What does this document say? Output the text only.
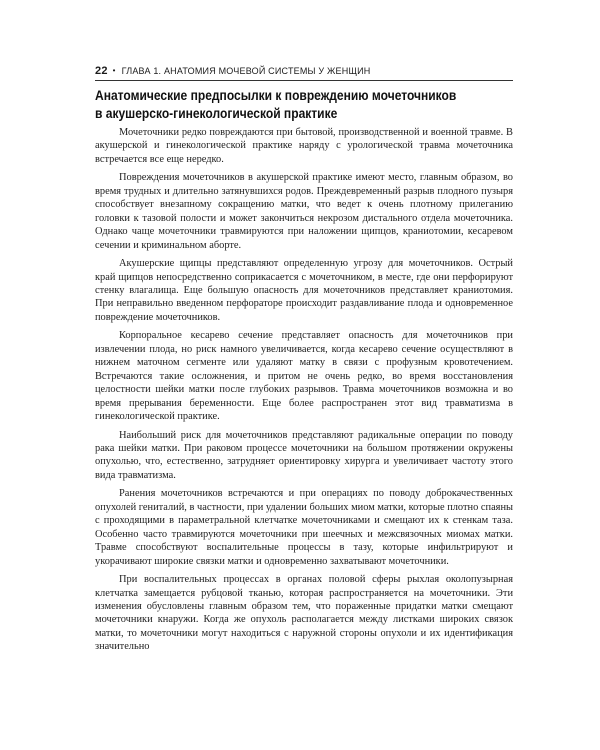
22 • ГЛАВА 1. АНАТОМИЯ МОЧЕВОЙ СИСТЕМЫ У ЖЕНЩИН
Анатомические предпосылки к повреждению мочеточников
в акушерско-гинекологической практике

Мочеточники редко повреждаются при бытовой, производственной и военной травме. В акушерской и гинекологической практике наряду с урологической травма мочеточника встречается все еще нередко.

Повреждения мочеточников в акушерской практике имеют место, главным образом, во время трудных и длительно затянувшихся родов. Преждевременный разрыв плодного пузыря способствует внезапному сокращению матки, что ведет к очень плотному прилеганию головки к тазовой полости и может закончиться некрозом дистального отдела мочеточника. Однако чаще мочеточники травмируются при наложении щипцов, краниотомии, кесаревом сечении и криминальном аборте.

Акушерские щипцы представляют определенную угрозу для мочеточников. Острый край щипцов непосредственно соприкасается с мочеточником, в месте, где они перфорируют стенку влагалища. Еще большую опасность для мочеточников представляет краниотомия. При неправильно введенном перфораторе происходит раздавливание плода и одновременное повреждение мочеточников.

Корпоральное кесарево сечение представляет опасность для мочеточников при извлечении плода, но риск намного увеличивается, когда кесарево сечение осуществляют в нижнем маточном сегменте или удаляют матку в связи с профузным кровотечением. Встречаются такие осложнения, и притом не очень редко, во время восстановления целостности шейки матки после глубоких разрывов. Травма мочеточников возможна и во время прерывания беременности. Еще более распространен этот вид травматизма в гинекологической практике.

Наибольший риск для мочеточников представляют радикальные операции по поводу рака шейки матки. При раковом процессе мочеточники на большом протяжении окружены опухолью, что, естественно, затрудняет ориентировку хирурга и увеличивает частоту этого вида травматизма.

Ранения мочеточников встречаются и при операциях по поводу доброкачественных опухолей гениталий, в частности, при удалении больших миом матки, которые плотно спаяны с проходящими в параметральной клетчатке мочеточниками и смещают их к стенкам таза. Особенно часто травмируются мочеточники при шеечных и межсвязочных миомах матки. Травме способствуют воспалительные процессы в тазу, которые инфильтрируют и укорачивают широкие связки матки и одновременно захватывают мочеточники.

При воспалительных процессах в органах половой сферы рыхлая околопузырная клетчатка замещается рубцовой тканью, которая распространяется на мочеточники. Эти изменения обусловлены главным образом тем, что пораженные придатки матки смещают мочеточники кнаружи. Когда же опухоль располагается между листками широких связок матки, то мочеточники могут находиться с наружной стороны опухоли и их идентификация значительно
